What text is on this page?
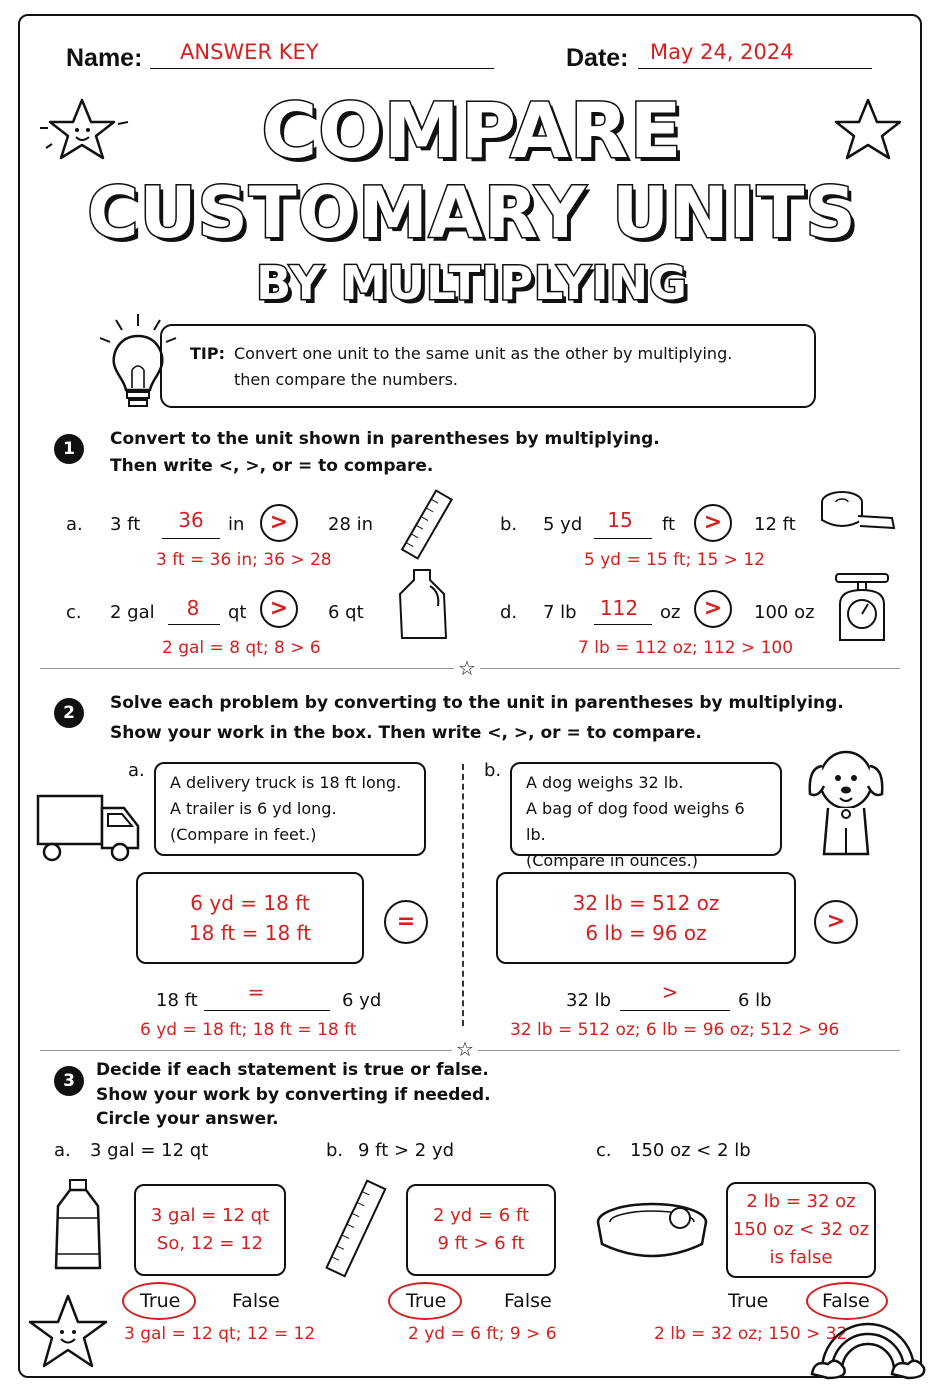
Name: ANSWER KEY	Date: May 24, 2024
COMPARE
CUSTOMARY UNITS
BY MULTIPLYING
TIP: Convert one unit to the same unit as the other by multiplying.
then compare the numbers.
1	Convert to the unit shown in parentheses by multiplying.
Then write <, >, or = to compare.
a. 3 ft	36	in	>	28 in
3 ft = 36 in; 36 > 28
b. 5 yd	15	ft	>	12 ft
5 yd = 15 ft; 15 > 12
c. 2 gal	8	qt	>	6 qt
2 gal = 8 qt; 8 > 6
d. 7 lb 112	oz	>	100 oz
7 lb = 112 oz; 112 > 100
☆
2	Solve each problem by converting to the unit in parentheses by multiplying.
Show your work in the box. Then write <, >, or = to compare.
a.
A delivery truck is 18 ft long.
A trailer is 6 yd long.
(Compare in feet.)
6 yd = 18 ft
18 ft = 18 ft	=
18 ft	=	6 yd
6 yd = 18 ft; 18 ft = 18 ft
b.
A dog weighs 32 lb.
A bag of dog food weighs 6 lb.
(Compare in ounces.)
32 lb = 512 oz
6 lb = 96 oz	>
32 lb	>	6 lb
32 lb = 512 oz; 6 lb = 96 oz; 512 > 96
☆
3
Decide if each statement is true or false.
Show your work by converting if needed.
Circle your answer.
a. 3 gal = 12 qt
3 gal = 12 qt
So, 12 = 12
True	False
3 gal = 12 qt; 12 = 12
b. 9 ft > 2 yd
2 yd = 6 ft
9 ft > 6 ft
True	False
2 yd = 6 ft; 9 > 6
c. 150 oz < 2 lb
2 lb = 32 oz
150 oz < 32 oz
is false
True	False
2 lb = 32 oz; 150 > 32
